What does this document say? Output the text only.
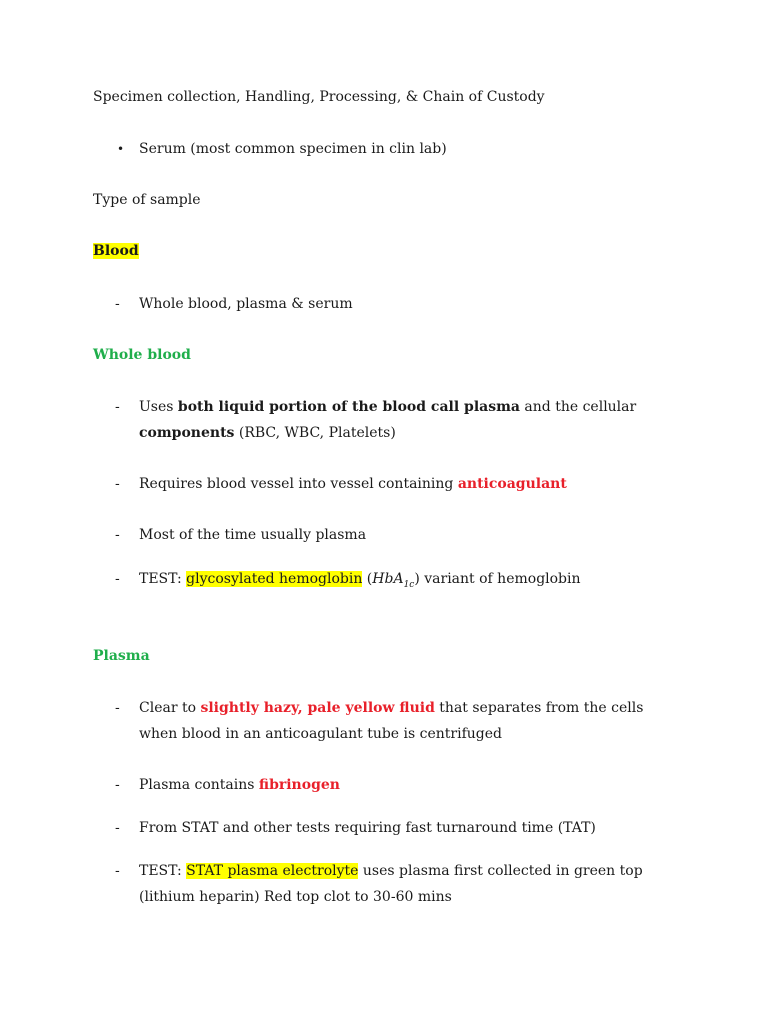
Specimen collection, Handling, Processing, & Chain of Custody
• Serum (most common specimen in clin lab)
Type of sample
Blood
- Whole blood, plasma & serum
Whole blood
- Uses both liquid portion of the blood call plasma and the cellular
components (RBC, WBC, Platelets)
- Requires blood vessel into vessel containing anticoagulant
- Most of the time usually plasma
- TEST: glycosylated hemoglobin (HbA$_{1c}$) variant of hemoglobin
Plasma
- Clear to slightly hazy, pale yellow fluid that separates from the cells
when blood in an anticoagulant tube is centrifuged
- Plasma contains fibrinogen
- From STAT and other tests requiring fast turnaround time (TAT)
- TEST: STAT plasma electrolyte uses plasma first collected in green top
(lithium heparin) Red top clot to 30-60 mins
